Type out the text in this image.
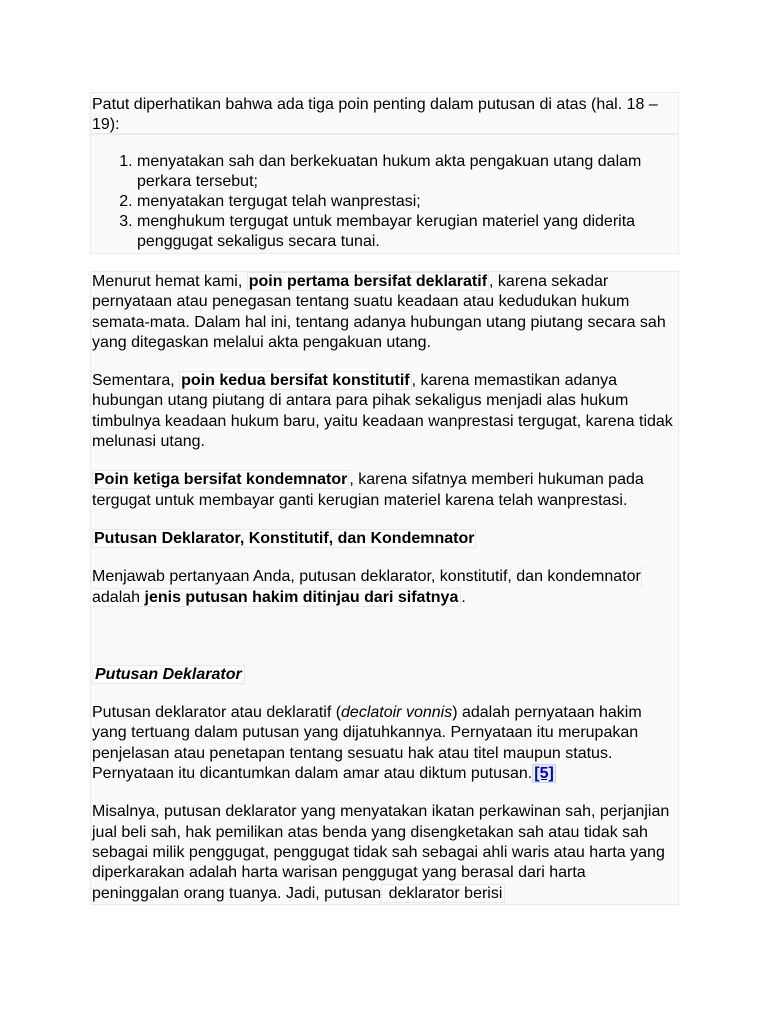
Patut diperhatikan bahwa ada tiga poin penting dalam putusan di atas (hal. 18 – 19):
1. menyatakan sah dan berkekuatan hukum akta pengakuan utang dalam perkara tersebut;
2. menyatakan tergugat telah wanprestasi;
3. menghukum tergugat untuk membayar kerugian materiel yang diderita penggugat sekaligus secara tunai.

Menurut hemat kami, poin pertama bersifat deklaratif , karena sekadar pernyataan atau penegasan tentang suatu keadaan atau kedudukan hukum semata-mata. Dalam hal ini, tentang adanya hubungan utang piutang secara sah yang ditegaskan melalui akta pengakuan utang.

Sementara, poin kedua bersifat konstitutif , karena memastikan adanya hubungan utang piutang di antara para pihak sekaligus menjadi alas hukum timbulnya keadaan hukum baru, yaitu keadaan wanprestasi tergugat, karena tidak melunasi utang.

Poin ketiga bersifat kondemnator , karena sifatnya memberi hukuman pada tergugat untuk membayar ganti kerugian materiel karena telah wanprestasi.

Putusan Deklarator, Konstitutif, dan Kondemnator

Menjawab pertanyaan Anda, putusan deklarator, konstitutif, dan kondemnator adalah jenis putusan hakim ditinjau dari sifatnya .

Putusan Deklarator

Putusan deklarator atau deklaratif (declatoir vonnis) adalah pernyataan hakim yang tertuang dalam putusan yang dijatuhkannya. Pernyataan itu merupakan penjelasan atau penetapan tentang sesuatu hak atau titel maupun status. Pernyataan itu dicantumkan dalam amar atau diktum putusan. [5]

Misalnya, putusan deklarator yang menyatakan ikatan perkawinan sah, perjanjian jual beli sah, hak pemilikan atas benda yang disengketakan sah atau tidak sah sebagai milik penggugat, penggugat tidak sah sebagai ahli waris atau harta yang diperkarakan adalah harta warisan penggugat yang berasal dari harta peninggalan orang tuanya. Jadi, putusan deklarator berisi
